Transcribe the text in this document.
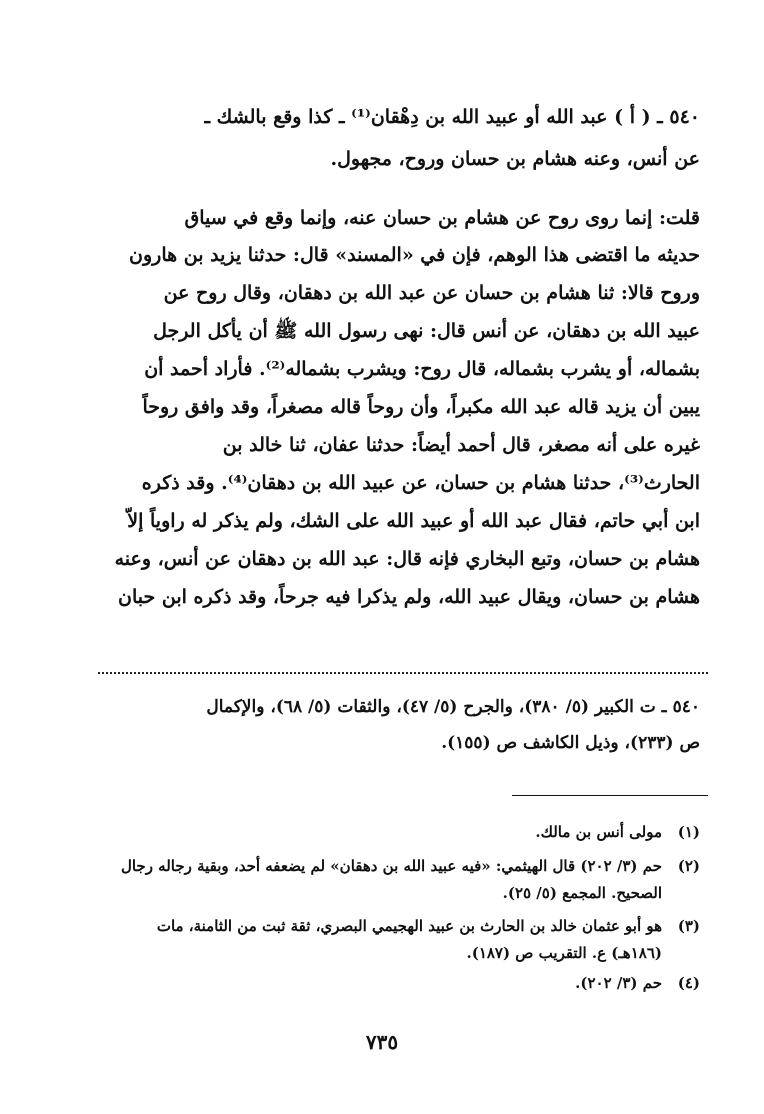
٥٤٠ ـ ( أ ) عبد الله أو عبيد الله بن دِهْقان⁽¹⁾ ـ كذا وقع بالشك ـ
عن أنس، وعنه هشام بن حسان وروح، مجهول.
قلت: إنما روى روح عن هشام بن حسان عنه، وإنما وقع في سياق
حديثه ما اقتضى هذا الوهم، فإن في «المسند» قال: حدثنا يزيد بن هارون
وروح قالا: ثنا هشام بن حسان عن عبد الله بن دهقان، وقال روح عن
عبيد الله بن دهقان، عن أنس قال: نهى رسول الله ﷺ أن يأكل الرجل
بشماله، أو يشرب بشماله، قال روح: ويشرب بشماله⁽²⁾. فأراد أحمد أن
يبين أن يزيد قاله عبد الله مكبراً، وأن روحاً قاله مصغراً، وقد وافق روحاً
غيره على أنه مصغر، قال أحمد أيضاً: حدثنا عفان، ثنا خالد بن
الحارث⁽³⁾، حدثنا هشام بن حسان، عن عبيد الله بن دهقان⁽⁴⁾. وقد ذكره
ابن أبي حاتم، فقال عبد الله أو عبيد الله على الشك، ولم يذكر له راوياً إلاّ
هشام بن حسان، وتبع البخاري فإنه قال: عبد الله بن دهقان عن أنس، وعنه
هشام بن حسان، ويقال عبيد الله، ولم يذكرا فيه جرحاً، وقد ذكره ابن حبان
٥٤٠ ـ ت الكبير (٥/ ٣٨٠)، والجرح (٥/ ٤٧)، والثقات (٥/ ٦٨)، والإكمال
ص (٢٣٣)، وذيل الكاشف ص (١٥٥).
(١)مولى أنس بن مالك.
(٢)حم (٣/ ٢٠٢) قال الهيثمي: «فيه عبيد الله بن دهقان» لم يضعفه أحد، وبقية رجاله رجال
الصحيح. المجمع (٥/ ٢٥).
(٣)هو أبو عثمان خالد بن الحارث بن عبيد الهجيمي البصري، ثقة ثبت من الثامنة، مات
(١٨٦هـ) ع. التقريب ص (١٨٧).
(٤)حم (٣/ ٢٠٢).
٧٣٥
